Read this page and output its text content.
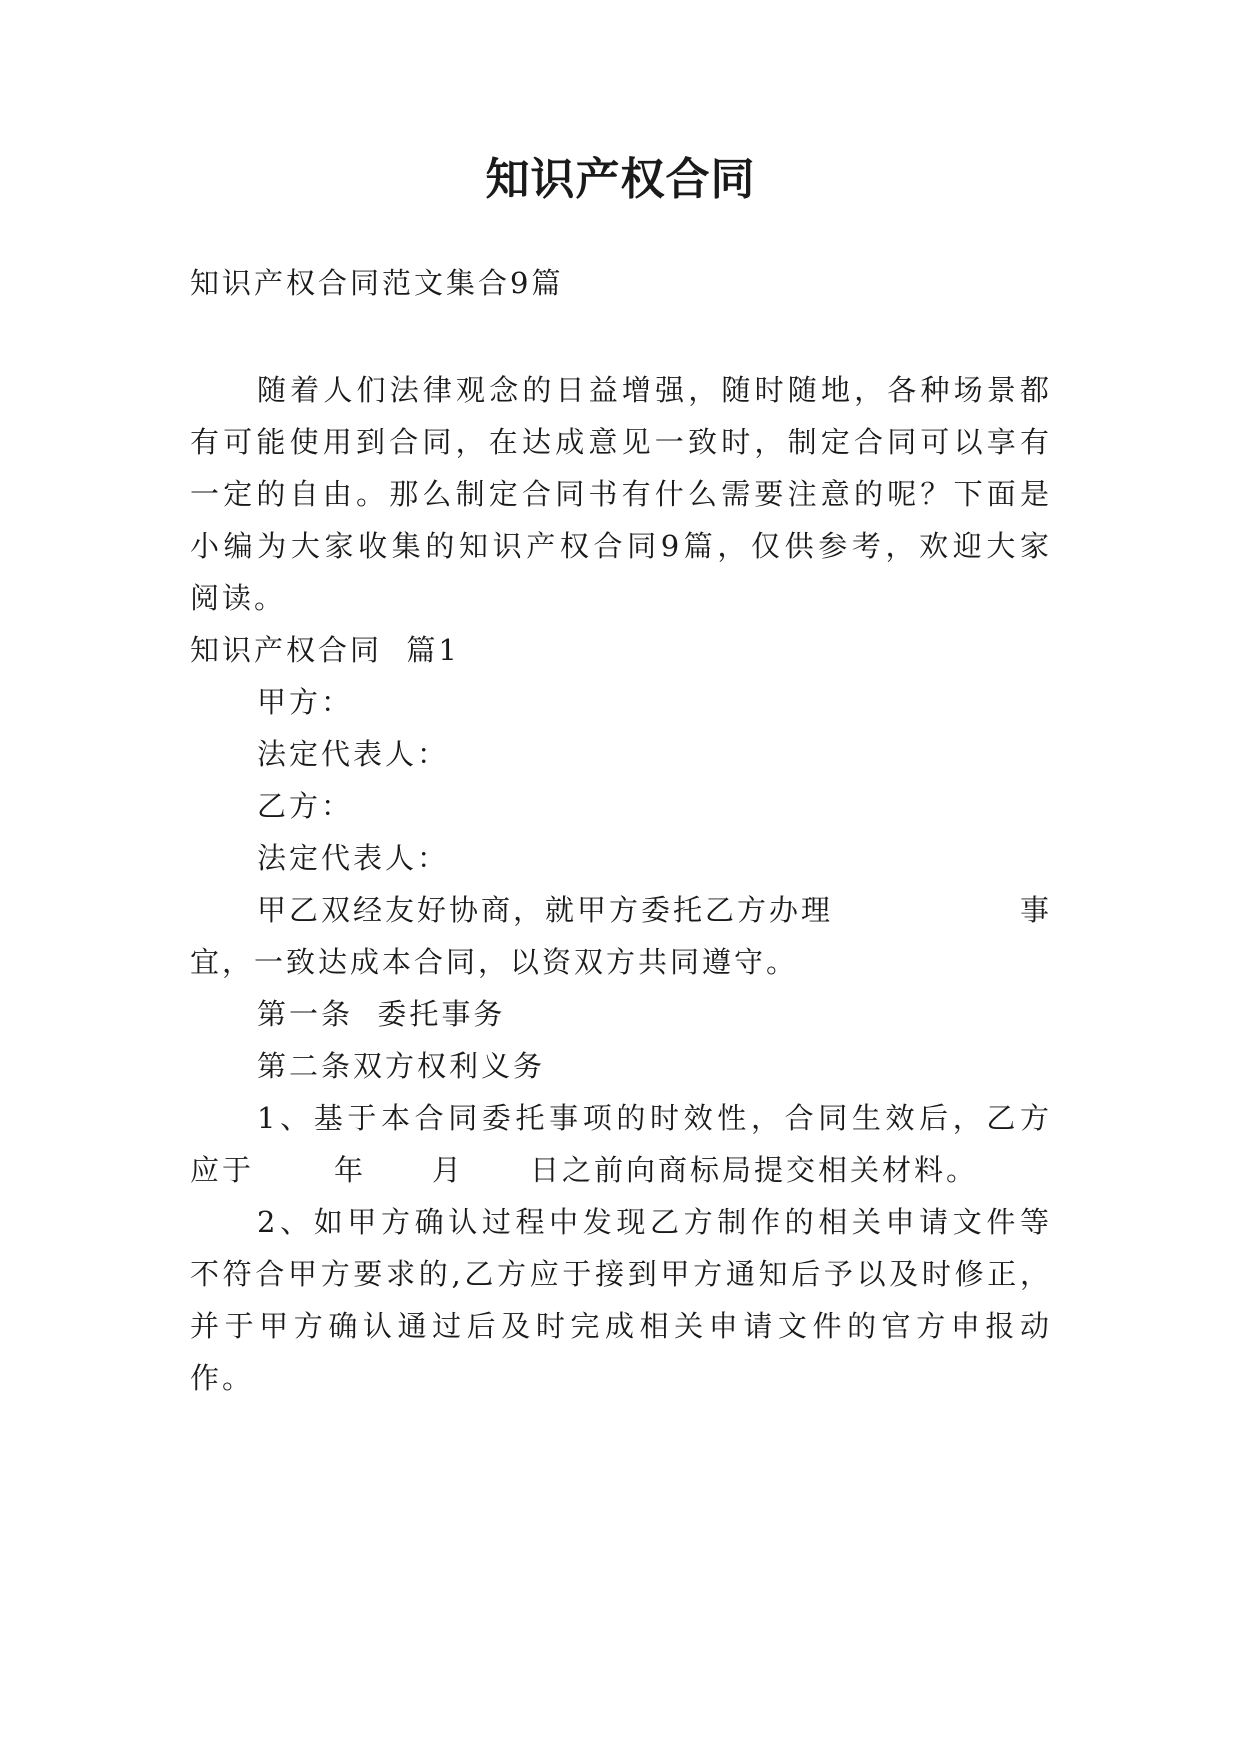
知识产权合同
知识产权合同范文集合9篇
随着人们法律观念的日益增强，随时随地，各种场景都
有可能使用到合同，在达成意见一致时，制定合同可以享有
一定的自由。那么制定合同书有什么需要注意的呢？下面是
小编为大家收集的知识产权合同9篇，仅供参考，欢迎大家
阅读。
知识产权合同  篇1
甲方：
法定代表人：
乙方：
法定代表人：
甲乙双经友好协商，就甲方委托乙方办理	事
宜，一致达成本合同，以资双方共同遵守。
第一条  委托事务
第二条双方权利义务
1、基于本合同委托事项的时效性，合同生效后，乙方
应于	年 月 日之前向商标局提交相关材料。
2、如甲方确认过程中发现乙方制作的相关申请文件等
不符合甲方要求的,乙方应于接到甲方通知后予以及时修正，
并于甲方确认通过后及时完成相关申请文件的官方申报动
作。
